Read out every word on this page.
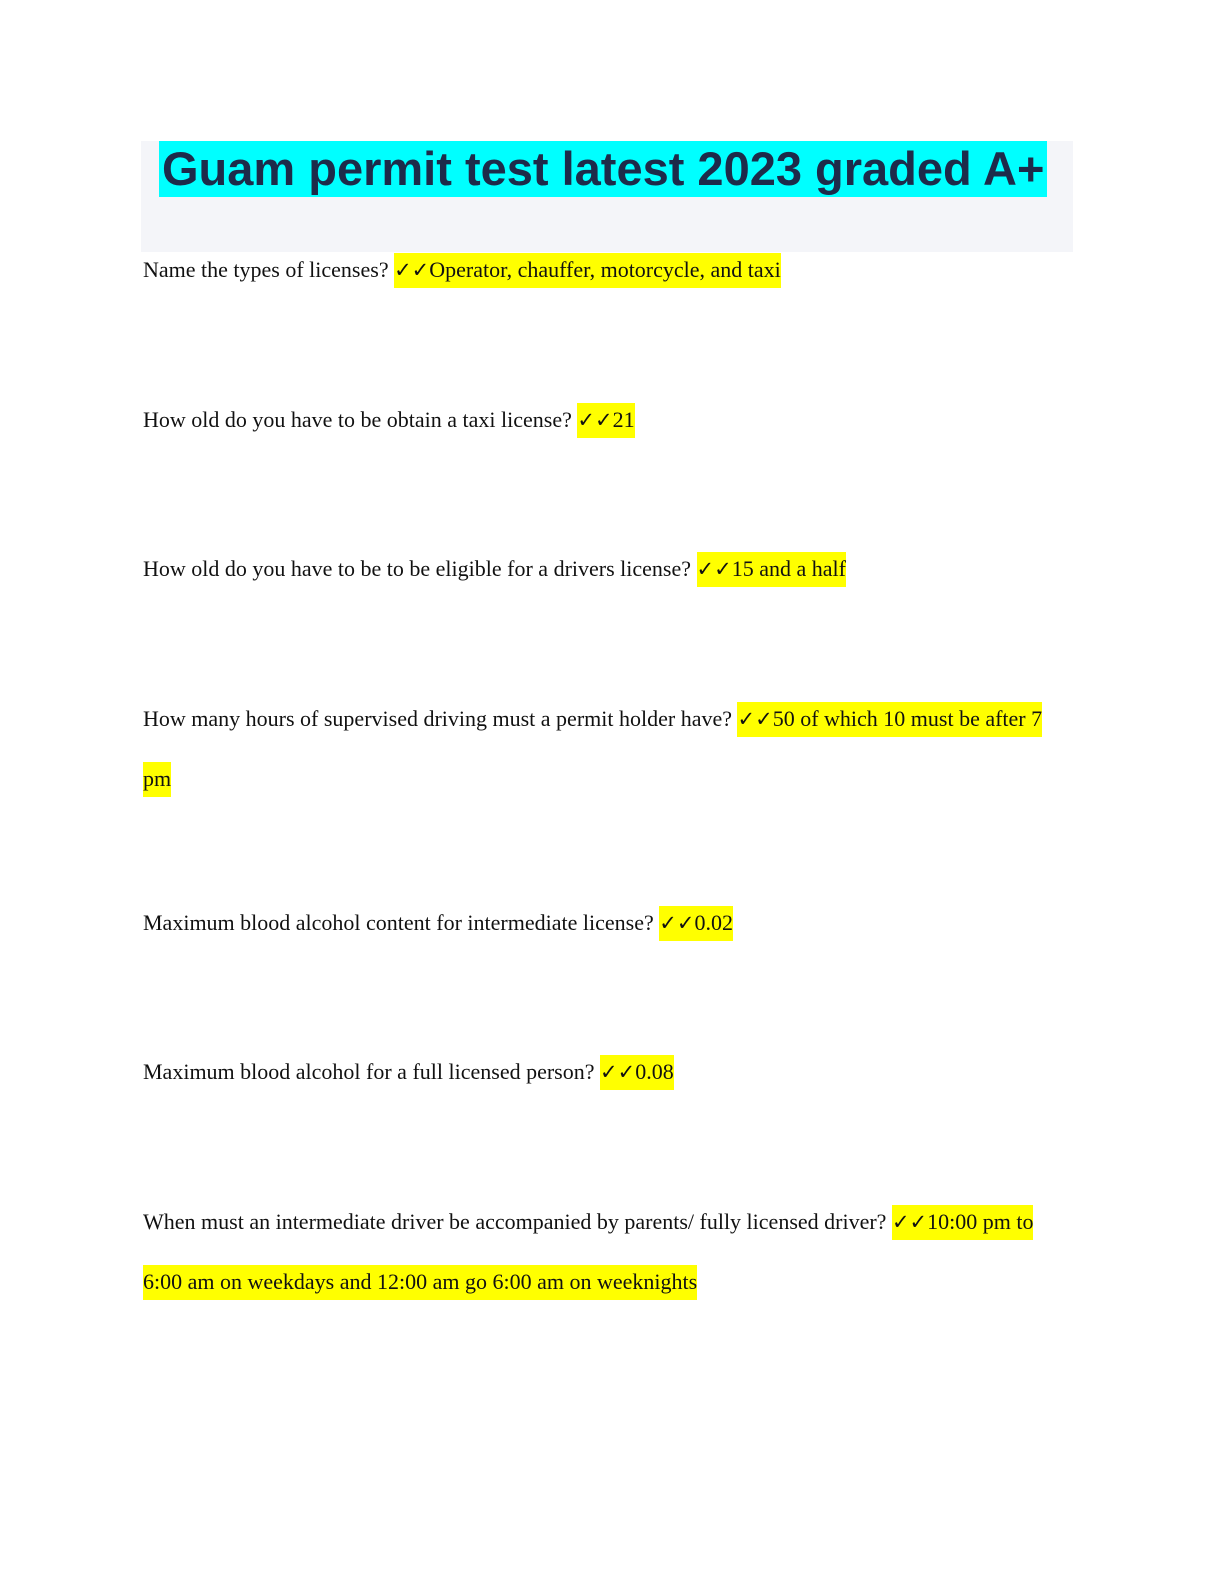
Guam permit test latest 2023 graded A+
Name the types of licenses? ✓✓Operator, chauffer, motorcycle, and taxi
How old do you have to be obtain a taxi license? ✓✓21
How old do you have to be to be eligible for a drivers license? ✓✓15 and a half
How many hours of supervised driving must a permit holder have? ✓✓50 of which 10 must be after 7 pm
Maximum blood alcohol content for intermediate license? ✓✓0.02
Maximum blood alcohol for a full licensed person? ✓✓0.08
When must an intermediate driver be accompanied by parents/ fully licensed driver? ✓✓10:00 pm to 6:00 am on weekdays and 12:00 am go 6:00 am on weeknights
